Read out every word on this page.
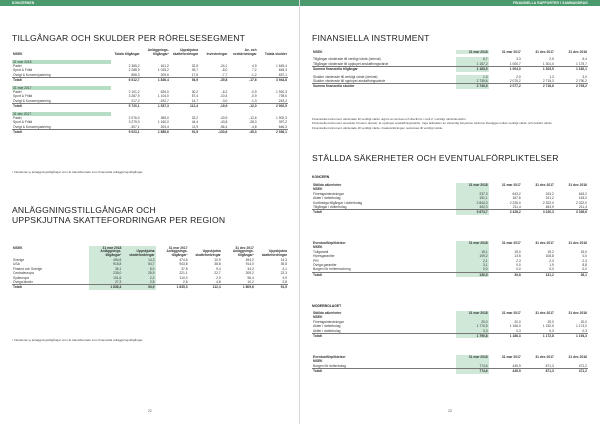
KONCERNEN
TILLGÅNGAR OCH SKULDER PER RÖRELSESEGMENT
MSEK	Totala tillgångar	Anläggnings-tillgångar¹	Uppskjutna skattefordringar	Investeringar	Av- och nedskrivningar	Totala skulder

31 mar 2018						
Padel	2 365,2	611,2	32,5	-24,1	4,9	1 649,4
Sport & Fritid	2 288,9	1 025,2	49,7	-8,0	7,2	645,3
Övrigt & Koncernjustering	858,3	209,6	17,5	-7,7	-1,2	837,1
Totalt	6 512,7	1 836,4	94,9	-39,8	-17,6	3 944,8

31 mar 2017						
Padel	2 101,2	626,0	30,2	-6,2	-0,9	1 920,3
Sport & Fritid	3 287,9	1 104,0	57,4	-10,4	-0,9	739,0
Övrigt & Koncernjustering	217,2	-192,7	14,7	-3,0	-1,3	243,2
Totalt	5 720,1	1 537,3	112,4	-19,9	-12,0	2 902,5

31 dec 2017						
Padel	2 076,0	285,0	32,2	-43,9	-12,6	1 902,3
Sport & Fritid	3 279,0	1 160,0	44,4	-43,8	-28,0	397,2
Övrigt & Koncernjustering	-307,1	204,4	11,9	-56,4	-4,8	646,3
Totalt	5 923,1	1 889,6	91,5	-130,6	-45,3	2 936,1
¹ Inkluderar ej anläggningstillgångar som är klassificerade som finansiella anläggningstillgångar.
ANLÄGGNINGSTILLGÅNGAR OCH
UPPSKJUTNA SKATTEFORDRINGAR PER REGION
MSEK	31 mar 2018		31 mar 2017		31 dec 2017	
	Anläggnings-tillgångar¹	Uppskjutna skattefordringar	Anläggnings-tillgångar¹	Uppskjutna skattefordringar	Anläggnings-tillgångar¹	Uppskjutna skattefordringar
Sverige	494,6	14,3	474,6	10,9	494,2	14,3
USA	915,8	54,7	943,8	38,8	914,0	39,8
Finland och Sverige	36,1	6,0	37,8	9,4	34,2	4,1
Centraleuropa	235,0	25,9	221,1	22,7	209,2	22,3
Sydeuropa	101,6	2,2	110,0	2,9	96,4	4,9
Övriga länder	27,3	2,5	2,8	4,8	10,2	2,8
Totalt	1 836,4	94,9	1 835,3	112,4	1 809,6	91,5
¹ Inkluderar ej anläggningstillgångar som är klassificerade som finansiella anläggningstillgångar.
22
FINANSIELLA RAPPORTER I SAMMANDRAG
FINANSIELLA INSTRUMENT
MSEK	31 mar 2018	31 mar 2017	31 dec 2017	31 dec 2016

Tillgångar värderade till verkligt värde (derivat)	6,7	3,3	2,5	6,4
Tillgångar värderade till upplupet anskaffningsvärde	1 157,2	1 000,7	1 301,0	1 175,7
Summa finansiella tillgångar	1 163,9	1 004,0	1 303,5	1 182,1

Skulder värderade till verkligt värde (derivat)	1,3	2,0	1,3	3,0
Skulder värderade till upplupet anskaffningsvärde	2 739,6	2 075,2	2 715,3	2 790,2
Summa finansiella skulder	2 740,9	2 077,2	2 716,6	2 793,2
Finansiella instrument värderade till verkligt värde utgörs av derivat och återfinns i nivå 2 i verkligt värdehierarkin.
Finansiella instrument avsedda, förutom derivat, är upplupet anskaffningsvärde. Inga skillnader av väsentlig betydelse bedöms föreligga mellan verkligt värde och bokfört värde.
Finansiella instrument värderade till verkligt värde i balansräkningen redovisas till verkligt värde.
STÄLLDA SÄKERHETER OCH EVENTUALFÖRPLIKTELSER
KONCERN
Ställda säkerheter	31 mar 2018	31 mar 2017	31 dec 2017	31 dec 2016
MSEK				
Företagsinteckningar	237,3	643,2	243,2	643,2
Aktier i dotterbolag	191,1	187,6	191,2	163,0
Kortfristiga tillgångar i dotterbolag	2 844,0	2 226,0	2 322,0	2 322,0
Tillgångar i dotterbolag	402,0	211,4	463,9	211,4
Totalt	3 674,7	3 428,2	3 220,3	3 339,6
Eventualförpliktelser	31 mar 2018	31 mar 2017	31 dec 2017	31 dec 2016
MSEK				
Tullgaranti	15,1	15,0	15,2	15,0
Hyresgarantier	109,2	13,5	108,8	0,0
PRI	2,1	2,3	2,3	2,3
Övriga garantier	3,1	0,0	1,9	8,8
Borgen för helleenscheng	0,0	0,0	0,0	0,0
Totalt	130,5	39,8	131,2	26,1
MODERBOLAGET
Ställda säkerheter	31 mar 2018	31 mar 2017	31 dec 2017	31 dec 2016
MSEK				
Företagsinteckningar	20,0	20,0	20,0	20,0
Aktier i dotterbolag	1 770,5	1 166,0	1 152,5	1 174,0
Aktier i dotterbolag	0,3	0,3	0,3	0,3
Totalt	1 790,8	1 186,3	1 172,8	1 194,3
Eventualförpliktelser	31 mar 2018	31 mar 2017	31 dec 2017	31 dec 2016
MSEK				
Borgen för dotterbolag	774,6	445,9	671,3	471,2
Totalt	774,6	445,9	671,3	471,2
23
